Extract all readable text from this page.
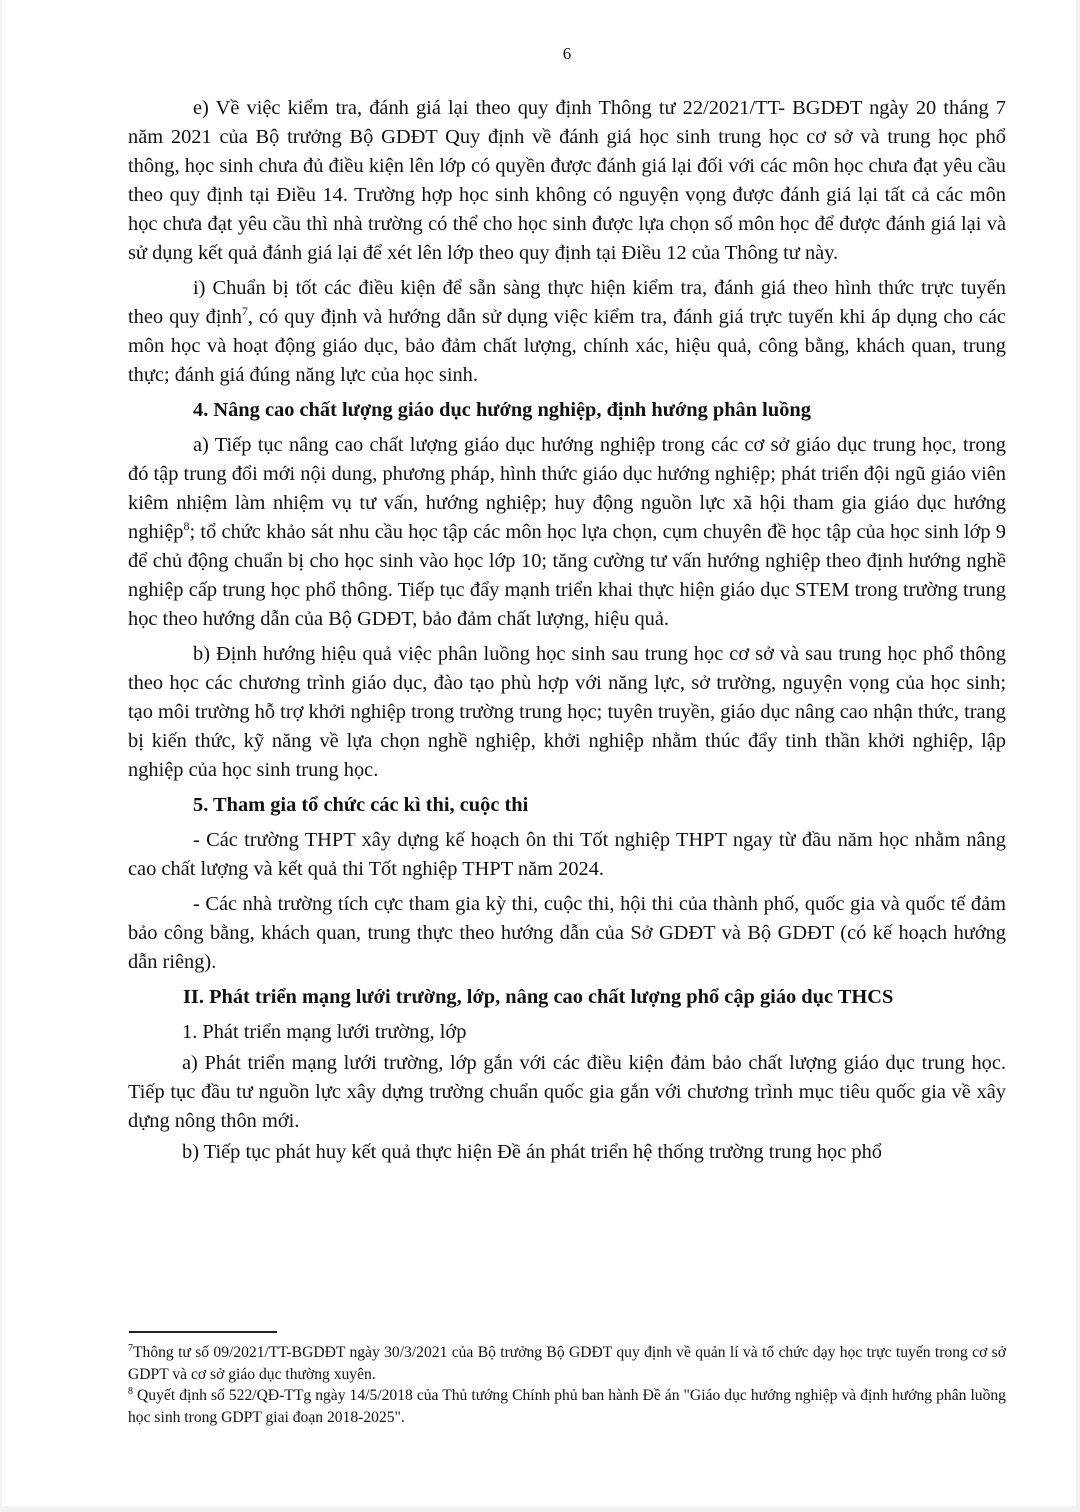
6

e) Về việc kiểm tra, đánh giá lại theo quy định Thông tư 22/2021/TT- BGDĐT ngày 20 tháng 7 năm 2021 của Bộ trưởng Bộ GDĐT Quy định về đánh giá học sinh trung học cơ sở và trung học phổ thông, học sinh chưa đủ điều kiện lên lớp có quyền được đánh giá lại đối với các môn học chưa đạt yêu cầu theo quy định tại Điều 14. Trường hợp học sinh không có nguyện vọng được đánh giá lại tất cả các môn học chưa đạt yêu cầu thì nhà trường có thể cho học sinh được lựa chọn số môn học để được đánh giá lại và sử dụng kết quả đánh giá lại để xét lên lớp theo quy định tại Điều 12 của Thông tư này.

i) Chuẩn bị tốt các điều kiện để sẵn sàng thực hiện kiểm tra, đánh giá theo hình thức trực tuyến theo quy định$^7$, có quy định và hướng dẫn sử dụng việc kiểm tra, đánh giá trực tuyến khi áp dụng cho các môn học và hoạt động giáo dục, bảo đảm chất lượng, chính xác, hiệu quả, công bằng, khách quan, trung thực; đánh giá đúng năng lực của học sinh.

4. Nâng cao chất lượng giáo dục hướng nghiệp, định hướng phân luồng

a) Tiếp tục nâng cao chất lượng giáo dục hướng nghiệp trong các cơ sở giáo dục trung học, trong đó tập trung đổi mới nội dung, phương pháp, hình thức giáo dục hướng nghiệp; phát triển đội ngũ giáo viên kiêm nhiệm làm nhiệm vụ tư vấn, hướng nghiệp; huy động nguồn lực xã hội tham gia giáo dục hướng nghiệp$^8$; tổ chức khảo sát nhu cầu học tập các môn học lựa chọn, cụm chuyên đề học tập của học sinh lớp 9 để chủ động chuẩn bị cho học sinh vào học lớp 10; tăng cường tư vấn hướng nghiệp theo định hướng nghề nghiệp cấp trung học phổ thông. Tiếp tục đẩy mạnh triển khai thực hiện giáo dục STEM trong trường trung học theo hướng dẫn của Bộ GDĐT, bảo đảm chất lượng, hiệu quả.

b) Định hướng hiệu quả việc phân luồng học sinh sau trung học cơ sở và sau trung học phổ thông theo học các chương trình giáo dục, đào tạo phù hợp với năng lực, sở trường, nguyện vọng của học sinh; tạo môi trường hỗ trợ khởi nghiệp trong trường trung học; tuyên truyền, giáo dục nâng cao nhận thức, trang bị kiến thức, kỹ năng về lựa chọn nghề nghiệp, khởi nghiệp nhằm thúc đẩy tinh thần khởi nghiệp, lập nghiệp của học sinh trung học.

5. Tham gia tổ chức các kì thi, cuộc thi

- Các trường THPT xây dựng kế hoạch ôn thi Tốt nghiệp THPT ngay từ đầu năm học nhằm nâng cao chất lượng và kết quả thi Tốt nghiệp THPT năm 2024.

- Các nhà trường tích cực tham gia kỳ thi, cuộc thi, hội thi của thành phố, quốc gia và quốc tế đảm bảo công bằng, khách quan, trung thực theo hướng dẫn của Sở GDĐT và Bộ GDĐT (có kế hoạch hướng dẫn riêng).

II. Phát triển mạng lưới trường, lớp, nâng cao chất lượng phổ cập giáo dục THCS

1. Phát triển mạng lưới trường, lớp

a) Phát triển mạng lưới trường, lớp gắn với các điều kiện đảm bảo chất lượng giáo dục trung học. Tiếp tục đầu tư nguồn lực xây dựng trường chuẩn quốc gia gắn với chương trình mục tiêu quốc gia về xây dựng nông thôn mới.

b) Tiếp tục phát huy kết quả thực hiện Đề án phát triển hệ thống trường trung học phổ

$^7$Thông tư số 09/2021/TT-BGDĐT ngày 30/3/2021 của Bộ trưởng Bộ GDĐT quy định về quản lí và tổ chức dạy học trực tuyến trong cơ sở GDPT và cơ sở giáo dục thường xuyên.

$^8$ Quyết định số 522/QĐ-TTg ngày 14/5/2018 của Thủ tướng Chính phủ ban hành Đề án "Giáo dục hướng nghiệp và định hướng phân luồng học sinh trong GDPT giai đoạn 2018-2025".
